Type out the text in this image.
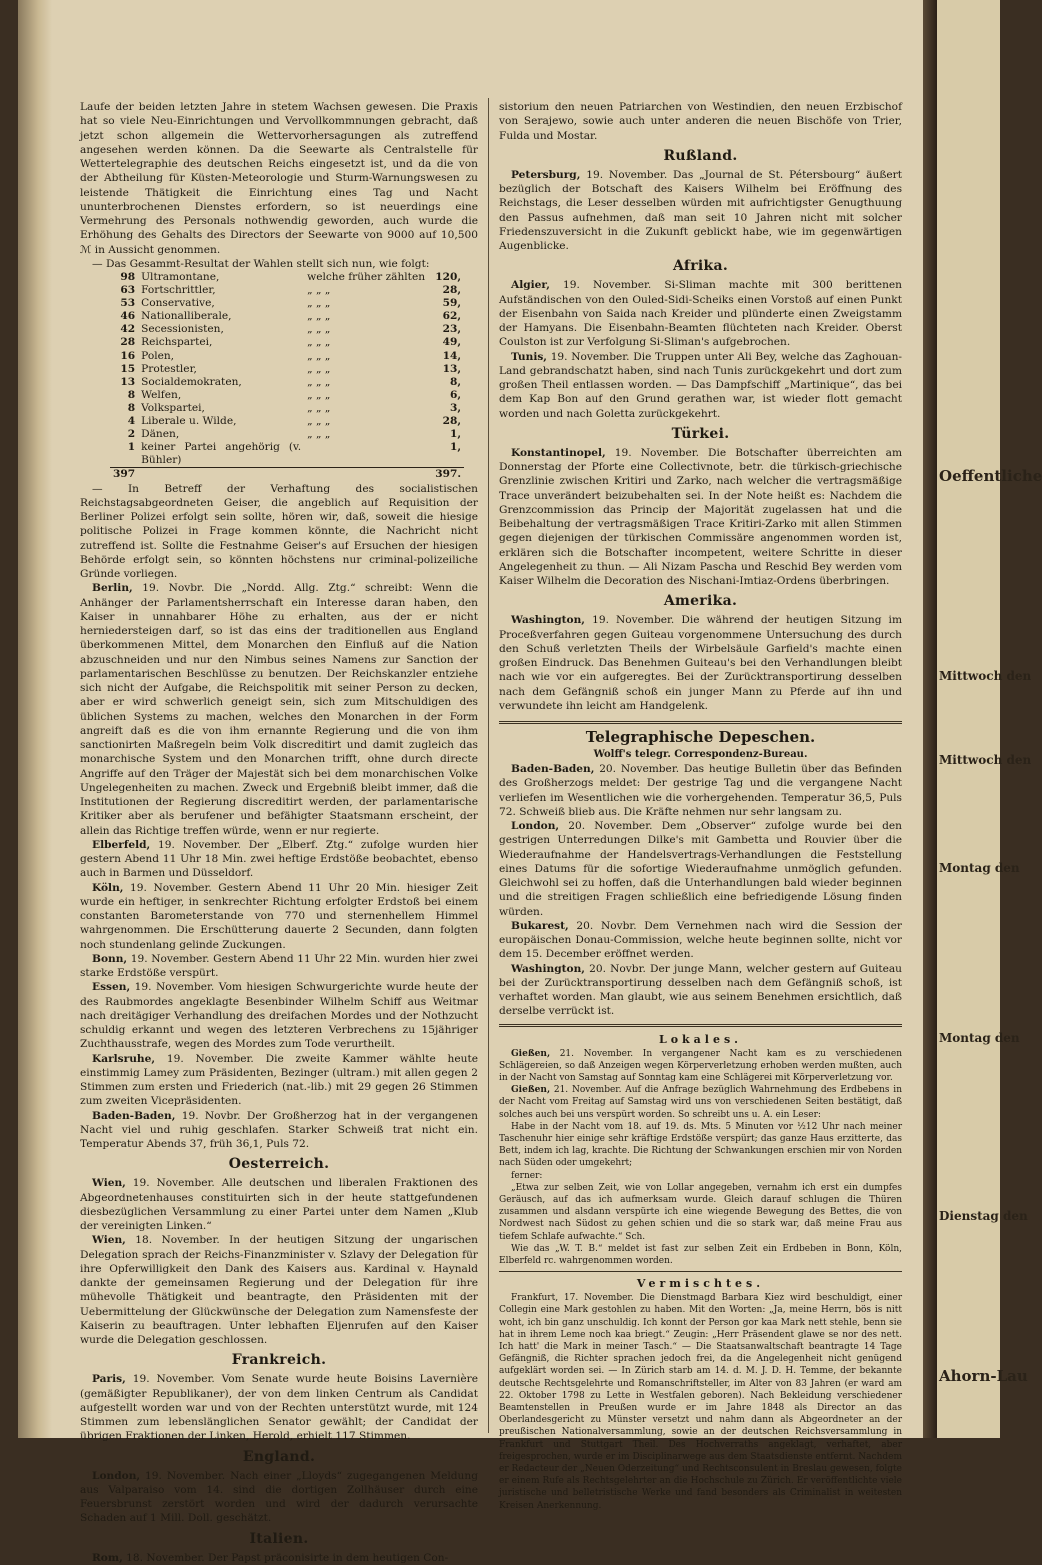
Laufe der beiden letzten Jahre in stetem Wachsen gewesen. Die Praxis hat so viele Neu-Einrichtungen und Vervollkommnungen gebracht, daß jetzt schon allgemein die Wettervorhersagungen als zutreffend angesehen werden können. Da die Seewarte als Centralstelle für Wettertelegraphie des deutschen Reichs eingesetzt ist, und da die von der Abtheilung für Küsten-Meteorologie und Sturm-Warnungswesen zu leistende Thätigkeit die Einrichtung eines Tag und Nacht ununterbrochenen Dienstes erfordern, so ist neuerdings eine Vermehrung des Personals nothwendig geworden, auch wurde die Erhöhung des Gehalts des Directors der Seewarte von 9000 auf 10,500 ℳ in Aussicht genommen.

— Das Gesammt-Resultat der Wahlen stellt sich nun, wie folgt:

98	Ultramontane,	welche früher zählten	120,
63	Fortschrittler,	„ „ „	28,
53	Conservative,	„ „ „	59,
46	Nationalliberale,	„ „ „	62,
42	Secessionisten,	„ „ „	23,
28	Reichspartei,	„ „ „	49,
16	Polen,	„ „ „	14,
15	Protestler,	„ „ „	13,
13	Socialdemokraten,	„ „ „	8,
8	Welfen,	„ „ „	6,
8	Volkspartei,	„ „ „	3,
4	Liberale u. Wilde,	„ „ „	28,
2	Dänen,	„ „ „	1,
1	keiner Partei angehörig (v. Bühler)		1,
397			397.

— In Betreff der Verhaftung des socialistischen Reichstagsabgeordneten Geiser, die angeblich auf Requisition der Berliner Polizei erfolgt sein sollte, hören wir, daß, soweit die hiesige politische Polizei in Frage kommen könnte, die Nachricht nicht zutreffend ist. Sollte die Festnahme Geiser's auf Ersuchen der hiesigen Behörde erfolgt sein, so könnten höchstens nur criminal-polizeiliche Gründe vorliegen.

Berlin, 19. Novbr. Die „Nordd. Allg. Ztg.“ schreibt: Wenn die Anhänger der Parlamentsherrschaft ein Interesse daran haben, den Kaiser in unnahbarer Höhe zu erhalten, aus der er nicht herniedersteigen darf, so ist das eins der traditionellen aus England überkommenen Mittel, dem Monarchen den Einfluß auf die Nation abzuschneiden und nur den Nimbus seines Namens zur Sanction der parlamentarischen Beschlüsse zu benutzen. Der Reichskanzler entziehe sich nicht der Aufgabe, die Reichspolitik mit seiner Person zu decken, aber er wird schwerlich geneigt sein, sich zum Mitschuldigen des üblichen Systems zu machen, welches den Monarchen in der Form angreift daß es die von ihm ernannte Regierung und die von ihm sanctionirten Maßregeln beim Volk discreditirt und damit zugleich das monarchische System und den Monarchen trifft, ohne durch directe Angriffe auf den Träger der Majestät sich bei dem monarchischen Volke Ungelegenheiten zu machen. Zweck und Ergebniß bleibt immer, daß die Institutionen der Regierung discreditirt werden, der parlamentarische Kritiker aber als berufener und befähigter Staatsmann erscheint, der allein das Richtige treffen würde, wenn er nur regierte.

Elberfeld, 19. November. Der „Elberf. Ztg.“ zufolge wurden hier gestern Abend 11 Uhr 18 Min. zwei heftige Erdstöße beobachtet, ebenso auch in Barmen und Düsseldorf.

Köln, 19. November. Gestern Abend 11 Uhr 20 Min. hiesiger Zeit wurde ein heftiger, in senkrechter Richtung erfolgter Erdstoß bei einem constanten Barometerstande von 770 und sternenhellem Himmel wahrgenommen. Die Erschütterung dauerte 2 Secunden, dann folgten noch stundenlang gelinde Zuckungen.

Bonn, 19. November. Gestern Abend 11 Uhr 22 Min. wurden hier zwei starke Erdstöße verspürt.

Essen, 19. November. Vom hiesigen Schwurgerichte wurde heute der des Raubmordes angeklagte Besenbinder Wilhelm Schiff aus Weitmar nach dreitägiger Verhandlung des dreifachen Mordes und der Nothzucht schuldig erkannt und wegen des letzteren Verbrechens zu 15jähriger Zuchthausstrafe, wegen des Mordes zum Tode verurtheilt.

Karlsruhe, 19. November. Die zweite Kammer wählte heute einstimmig Lamey zum Präsidenten, Bezinger (ultram.) mit allen gegen 2 Stimmen zum ersten und Friederich (nat.-lib.) mit 29 gegen 26 Stimmen zum zweiten Vicepräsidenten.

Baden-Baden, 19. Novbr. Der Großherzog hat in der vergangenen Nacht viel und ruhig geschlafen. Starker Schweiß trat nicht ein. Temperatur Abends 37, früh 36,1, Puls 72.

Oesterreich.

Wien, 19. November. Alle deutschen und liberalen Fraktionen des Abgeordnetenhauses constituirten sich in der heute stattgefundenen diesbezüglichen Versammlung zu einer Partei unter dem Namen „Klub der vereinigten Linken.“

Wien, 18. November. In der heutigen Sitzung der ungarischen Delegation sprach der Reichs-Finanzminister v. Szlavy der Delegation für ihre Opferwilligkeit den Dank des Kaisers aus. Kardinal v. Haynald dankte der gemeinsamen Regierung und der Delegation für ihre mühevolle Thätigkeit und beantragte, den Präsidenten mit der Uebermittelung der Glückwünsche der Delegation zum Namensfeste der Kaiserin zu beauftragen. Unter lebhaften Eljenrufen auf den Kaiser wurde die Delegation geschlossen.

Frankreich.

Paris, 19. November. Vom Senate wurde heute Boisins Lavernière (gemäßigter Republikaner), der von dem linken Centrum als Candidat aufgestellt worden war und von der Rechten unterstützt wurde, mit 124 Stimmen zum lebenslänglichen Senator gewählt; der Candidat der übrigen Fraktionen der Linken, Herold, erhielt 117 Stimmen.

England.

London, 19. November. Nach einer „Lloyds“ zugegangenen Meldung aus Valparaiso vom 14. sind die dortigen Zollhäuser durch eine Feuersbrunst zerstört worden und wird der dadurch verursachte Schaden auf 1 Mill. Doll. geschätzt.

Italien.

Rom, 18. November. Der Papst präconisirte in dem heutigen Con-

sistorium den neuen Patriarchen von Westindien, den neuen Erzbischof von Serajewo, sowie auch unter anderen die neuen Bischöfe von Trier, Fulda und Mostar.

Rußland.

Petersburg, 19. November. Das „Journal de St. Pétersbourg“ äußert bezüglich der Botschaft des Kaisers Wilhelm bei Eröffnung des Reichstags, die Leser desselben würden mit aufrichtigster Genugthuung den Passus aufnehmen, daß man seit 10 Jahren nicht mit solcher Friedenszuversicht in die Zukunft geblickt habe, wie im gegenwärtigen Augenblicke.

Afrika.

Algier, 19. November. Si-Sliman machte mit 300 berittenen Aufständischen von den Ouled-Sidi-Scheiks einen Vorstoß auf einen Punkt der Eisenbahn von Saida nach Kreider und plünderte einen Zweigstamm der Hamyans. Die Eisenbahn-Beamten flüchteten nach Kreider. Oberst Coulston ist zur Verfolgung Si-Sliman's aufgebrochen.

Tunis, 19. November. Die Truppen unter Ali Bey, welche das Zaghouan-Land gebrandschatzt haben, sind nach Tunis zurückgekehrt und dort zum großen Theil entlassen worden. — Das Dampfschiff „Martinique“, das bei dem Kap Bon auf den Grund gerathen war, ist wieder flott gemacht worden und nach Goletta zurückgekehrt.

Türkei.

Konstantinopel, 19. November. Die Botschafter überreichten am Donnerstag der Pforte eine Collectivnote, betr. die türkisch-griechische Grenzlinie zwischen Kritiri und Zarko, nach welcher die vertragsmäßige Trace unverändert beizubehalten sei. In der Note heißt es: Nachdem die Grenzcommission das Princip der Majorität zugelassen hat und die Beibehaltung der vertragsmäßigen Trace Kritiri-Zarko mit allen Stimmen gegen diejenigen der türkischen Commissäre angenommen worden ist, erklären sich die Botschafter incompetent, weitere Schritte in dieser Angelegenheit zu thun. — Ali Nizam Pascha und Reschid Bey werden vom Kaiser Wilhelm die Decoration des Nischani-Imtiaz-Ordens überbringen.

Amerika.

Washington, 19. November. Die während der heutigen Sitzung im Proceßverfahren gegen Guiteau vorgenommene Untersuchung des durch den Schuß verletzten Theils der Wirbelsäule Garfield's machte einen großen Eindruck. Das Benehmen Guiteau's bei den Verhandlungen bleibt nach wie vor ein aufgeregtes. Bei der Zurücktransportirung desselben nach dem Gefängniß schoß ein junger Mann zu Pferde auf ihn und verwundete ihn leicht am Handgelenk.

Telegraphische Depeschen.
Wolff's telegr. Correspondenz-Bureau.

Baden-Baden, 20. November. Das heutige Bulletin über das Befinden des Großherzogs meldet: Der gestrige Tag und die vergangene Nacht verliefen im Wesentlichen wie die vorhergehenden. Temperatur 36,5, Puls 72. Schweiß blieb aus. Die Kräfte nehmen nur sehr langsam zu.

London, 20. November. Dem „Observer“ zufolge wurde bei den gestrigen Unterredungen Dilke's mit Gambetta und Rouvier über die Wiederaufnahme der Handelsvertrags-Verhandlungen die Feststellung eines Datums für die sofortige Wiederaufnahme unmöglich gefunden. Gleichwohl sei zu hoffen, daß die Unterhandlungen bald wieder beginnen und die streitigen Fragen schließlich eine befriedigende Lösung finden würden.

Bukarest, 20. Novbr. Dem Vernehmen nach wird die Session der europäischen Donau-Commission, welche heute beginnen sollte, nicht vor dem 15. December eröffnet werden.

Washington, 20. Novbr. Der junge Mann, welcher gestern auf Guiteau bei der Zurücktransportirung desselben nach dem Gefängniß schoß, ist verhaftet worden. Man glaubt, wie aus seinem Benehmen ersichtlich, daß derselbe verrückt ist.

Lokales.

Gießen, 21. November. In vergangener Nacht kam es zu verschiedenen Schlägereien, so daß Anzeigen wegen Körperverletzung erhoben werden mußten, auch in der Nacht von Samstag auf Sonntag kam eine Schlägerei mit Körperverletzung vor.

Gießen, 21. November. Auf die Anfrage bezüglich Wahrnehmung des Erdbebens in der Nacht vom Freitag auf Samstag wird uns von verschiedenen Seiten bestätigt, daß solches auch bei uns verspürt worden. So schreibt uns u. A. ein Leser:

Habe in der Nacht vom 18. auf 19. ds. Mts. 5 Minuten vor ½12 Uhr nach meiner Taschenuhr hier einige sehr kräftige Erdstöße verspürt; das ganze Haus erzitterte, das Bett, indem ich lag, krachte. Die Richtung der Schwankungen erschien mir von Norden nach Süden oder umgekehrt;

ferner:

„Etwa zur selben Zeit, wie von Lollar angegeben, vernahm ich erst ein dumpfes Geräusch, auf das ich aufmerksam wurde. Gleich darauf schlugen die Thüren zusammen und alsdann verspürte ich eine wiegende Bewegung des Bettes, die von Nordwest nach Südost zu gehen schien und die so stark war, daß meine Frau aus tiefem Schlafe aufwachte.“ Sch.

Wie das „W. T. B.“ meldet ist fast zur selben Zeit ein Erdbeben in Bonn, Köln, Elberfeld rc. wahrgenommen worden.

Vermischtes.

Frankfurt, 17. November. Die Dienstmagd Barbara Kiez wird beschuldigt, einer Collegin eine Mark gestohlen zu haben. Mit den Worten: „Ja, meine Herrn, bös is nitt woht, ich bin ganz unschuldig. Ich konnt der Person gor kaa Mark nett stehle, benn sie hat in ihrem Leme noch kaa briegt.“ Zeugin: „Herr Präsendent glawe se nor des nett. Ich hatt' die Mark in meiner Tasch.“ — Die Staatsanwaltschaft beantragte 14 Tage Gefängniß, die Richter sprachen jedoch frei, da die Angelegenheit nicht genügend aufgeklärt worden sei. — In Zürich starb am 14. d. M. J. D. H. Temme, der bekannte deutsche Rechtsgelehrte und Romanschriftsteller, im Alter von 83 Jahren (er ward am 22. Oktober 1798 zu Lette in Westfalen geboren). Nach Bekleidung verschiedener Beamtenstellen in Preußen wurde er im Jahre 1848 als Director an das Oberlandesgericht zu Münster versetzt und nahm dann als Abgeordneter an der preußischen Nationalversammlung, sowie an der deutschen Reichsversammlung in Frankfurt und Stuttgart Theil. Des Hochverraths angeklagt, verhaftet, aber freigesprochen, wurde er im Disciplinarwege aus dem Staatsdienste entfernt. Nachdem er Redacteur der „Neuen Oderzeitung“ und Rechtsconsulent in Breslau gewesen, folgte er einem Rufe als Rechtsgelehrter an die Hochschule zu Zürich. Er veröffentlichte viele juristische und belletristische Werke und fand besonders als Criminalist in weitesten Kreisen Anerkennung.

Oeffentliche
Mittwoch den
Mittwoch den
Montag den
Montag den
Dienstag den
Ahorn-Lau
